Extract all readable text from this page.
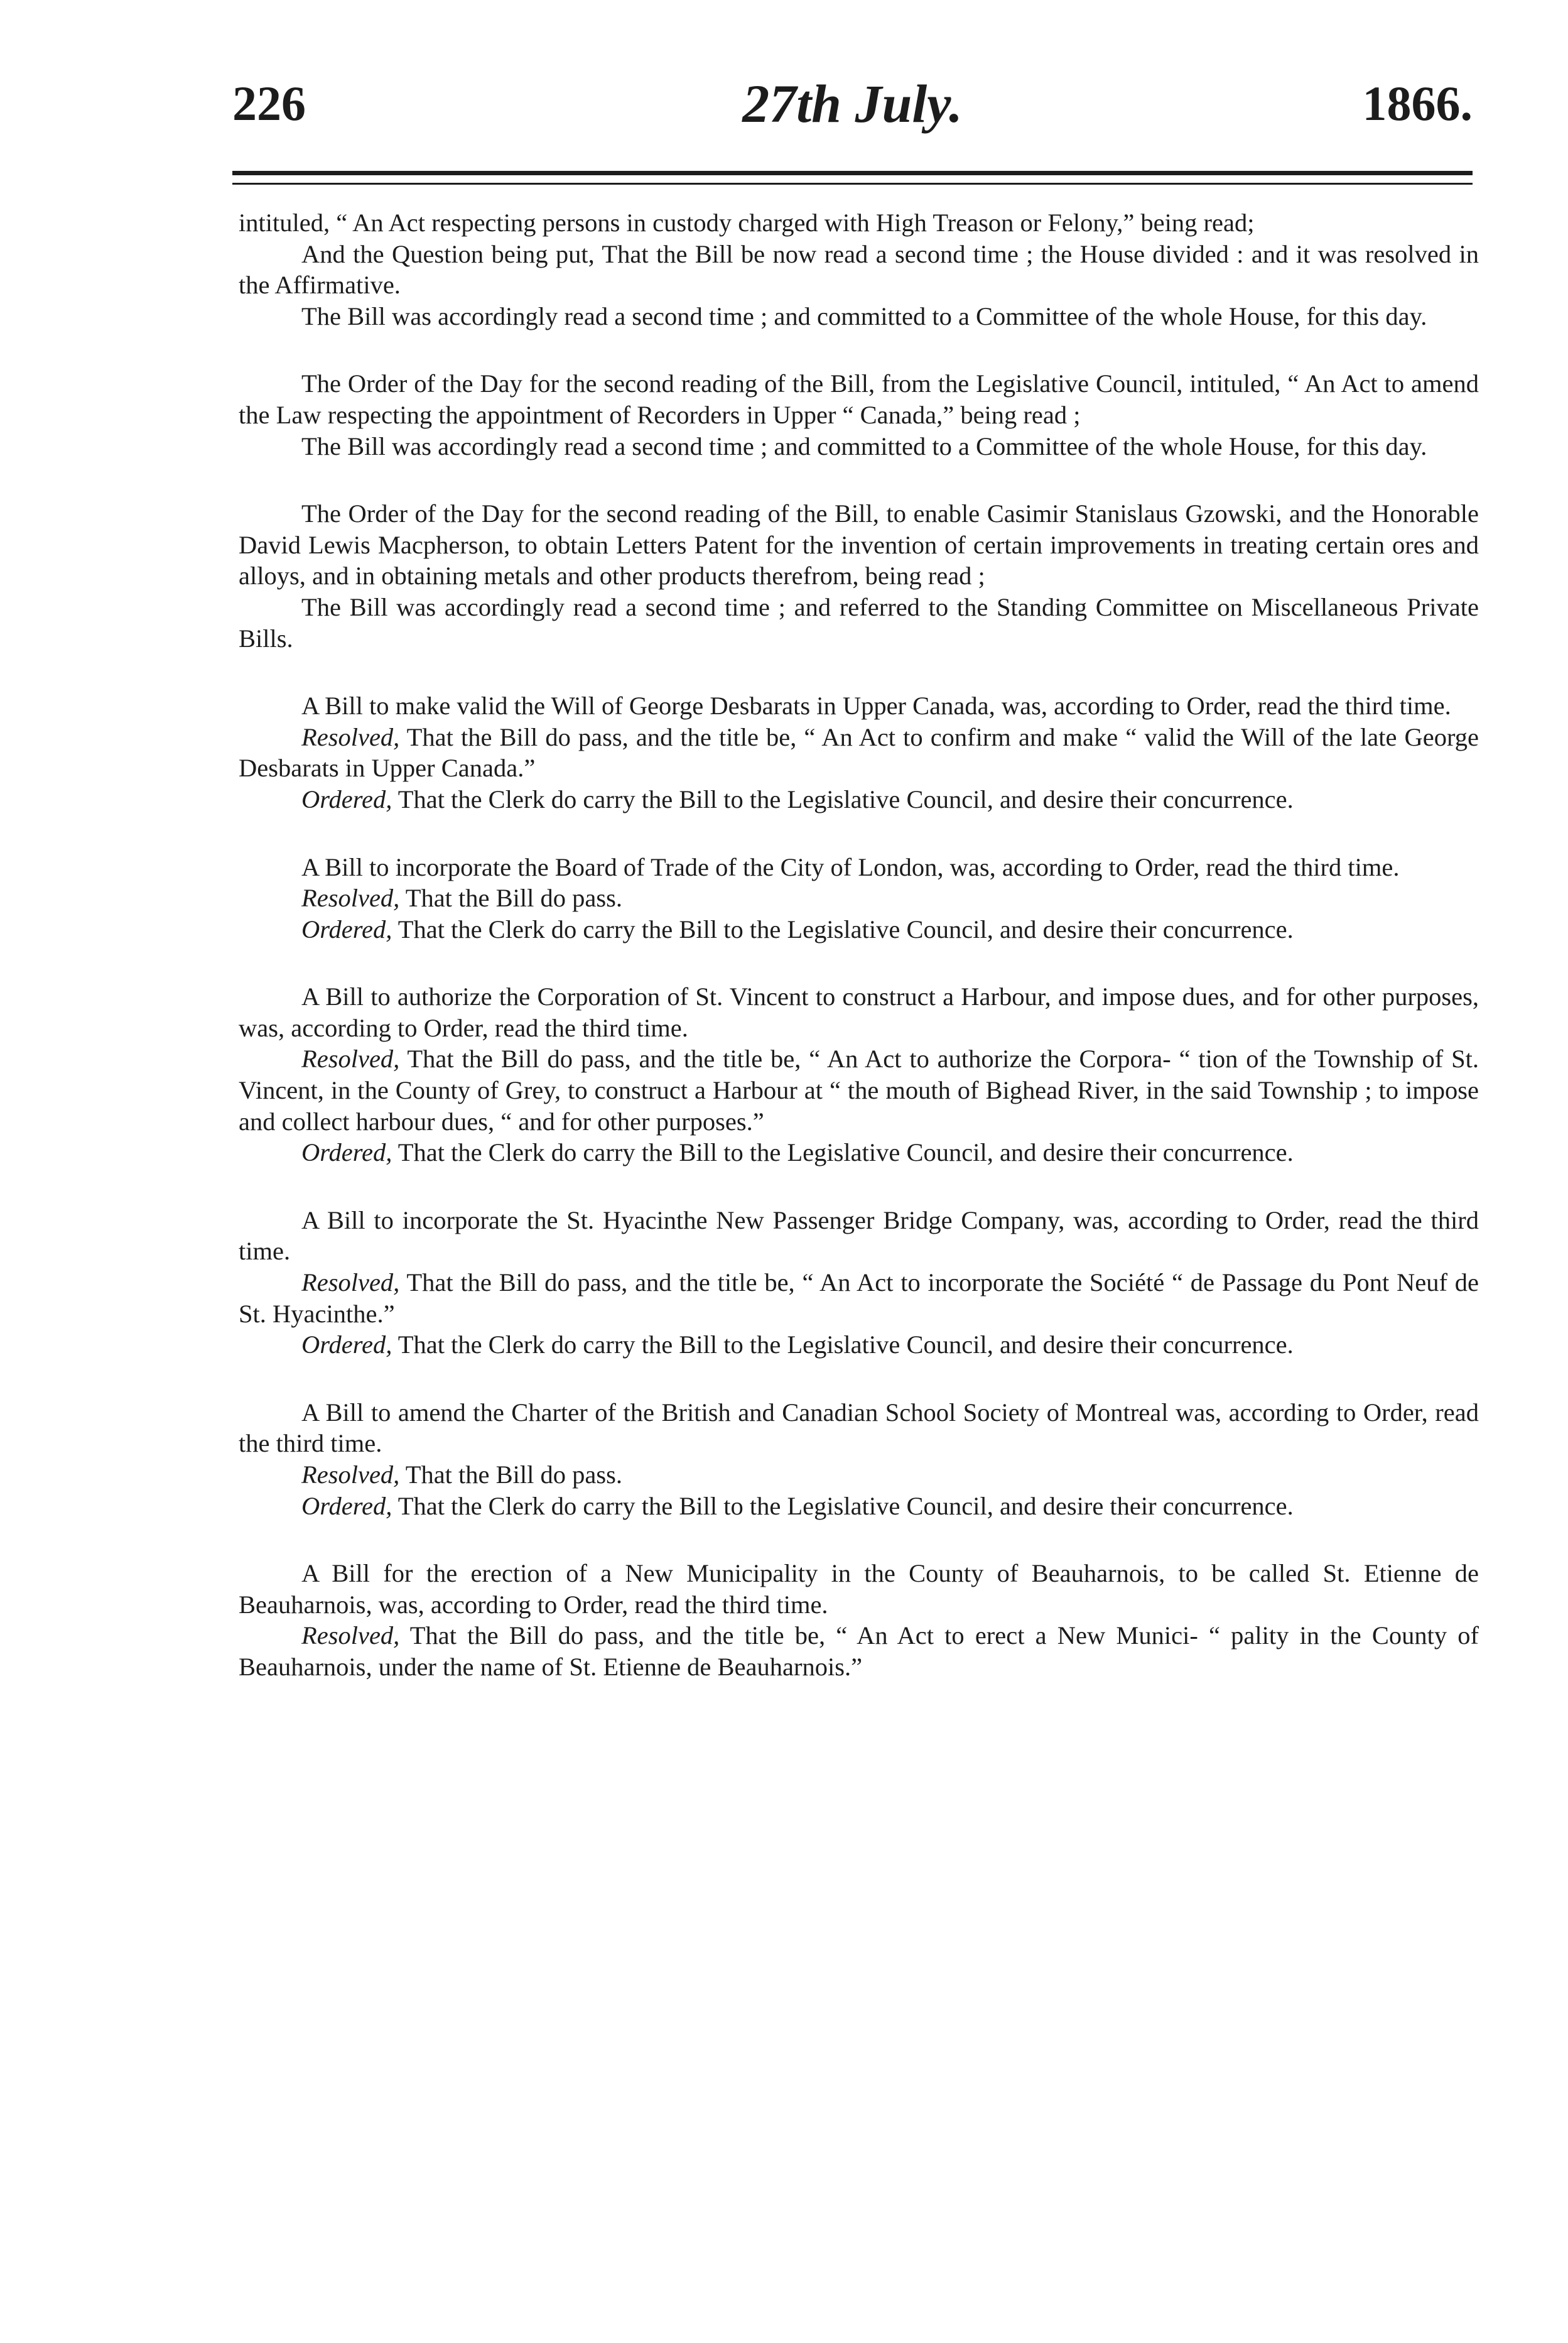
226	27th July.	1866.

intituled, “ An Act respecting persons in custody charged with High Treason or Felony,” being read;

And the Question being put, That the Bill be now read a second time ; the House divided : and it was resolved in the Affirmative.

The Bill was accordingly read a second time ; and committed to a Committee of the whole House, for this day.

The Order of the Day for the second reading of the Bill, from the Legislative Council, intituled, “ An Act to amend the Law respecting the appointment of Recorders in Upper “ Canada,” being read ;

The Bill was accordingly read a second time ; and committed to a Committee of the whole House, for this day.

The Order of the Day for the second reading of the Bill, to enable Casimir Stanislaus Gzowski, and the Honorable David Lewis Macpherson, to obtain Letters Patent for the invention of certain improvements in treating certain ores and alloys, and in obtaining metals and other products therefrom, being read ;

The Bill was accordingly read a second time ; and referred to the Standing Committee on Miscellaneous Private Bills.

A Bill to make valid the Will of George Desbarats in Upper Canada, was, according to Order, read the third time.

Resolved, That the Bill do pass, and the title be, “ An Act to confirm and make “ valid the Will of the late George Desbarats in Upper Canada.”

Ordered, That the Clerk do carry the Bill to the Legislative Council, and desire their concurrence.

A Bill to incorporate the Board of Trade of the City of London, was, according to Order, read the third time.

Resolved, That the Bill do pass.

Ordered, That the Clerk do carry the Bill to the Legislative Council, and desire their concurrence.

A Bill to authorize the Corporation of St. Vincent to construct a Harbour, and impose dues, and for other purposes, was, according to Order, read the third time.

Resolved, That the Bill do pass, and the title be, “ An Act to authorize the Corpora- “ tion of the Township of St. Vincent, in the County of Grey, to construct a Harbour at “ the mouth of Bighead River, in the said Township ; to impose and collect harbour dues, “ and for other purposes.”

Ordered, That the Clerk do carry the Bill to the Legislative Council, and desire their concurrence.

A Bill to incorporate the St. Hyacinthe New Passenger Bridge Company, was, according to Order, read the third time.

Resolved, That the Bill do pass, and the title be, “ An Act to incorporate the Société “ de Passage du Pont Neuf de St. Hyacinthe.”

Ordered, That the Clerk do carry the Bill to the Legislative Council, and desire their concurrence.

A Bill to amend the Charter of the British and Canadian School Society of Montreal was, according to Order, read the third time.

Resolved, That the Bill do pass.

Ordered, That the Clerk do carry the Bill to the Legislative Council, and desire their concurrence.

A Bill for the erection of a New Municipality in the County of Beauharnois, to be called St. Etienne de Beauharnois, was, according to Order, read the third time.

Resolved, That the Bill do pass, and the title be, “ An Act to erect a New Munici- “ pality in the County of Beauharnois, under the name of St. Etienne de Beauharnois.”
